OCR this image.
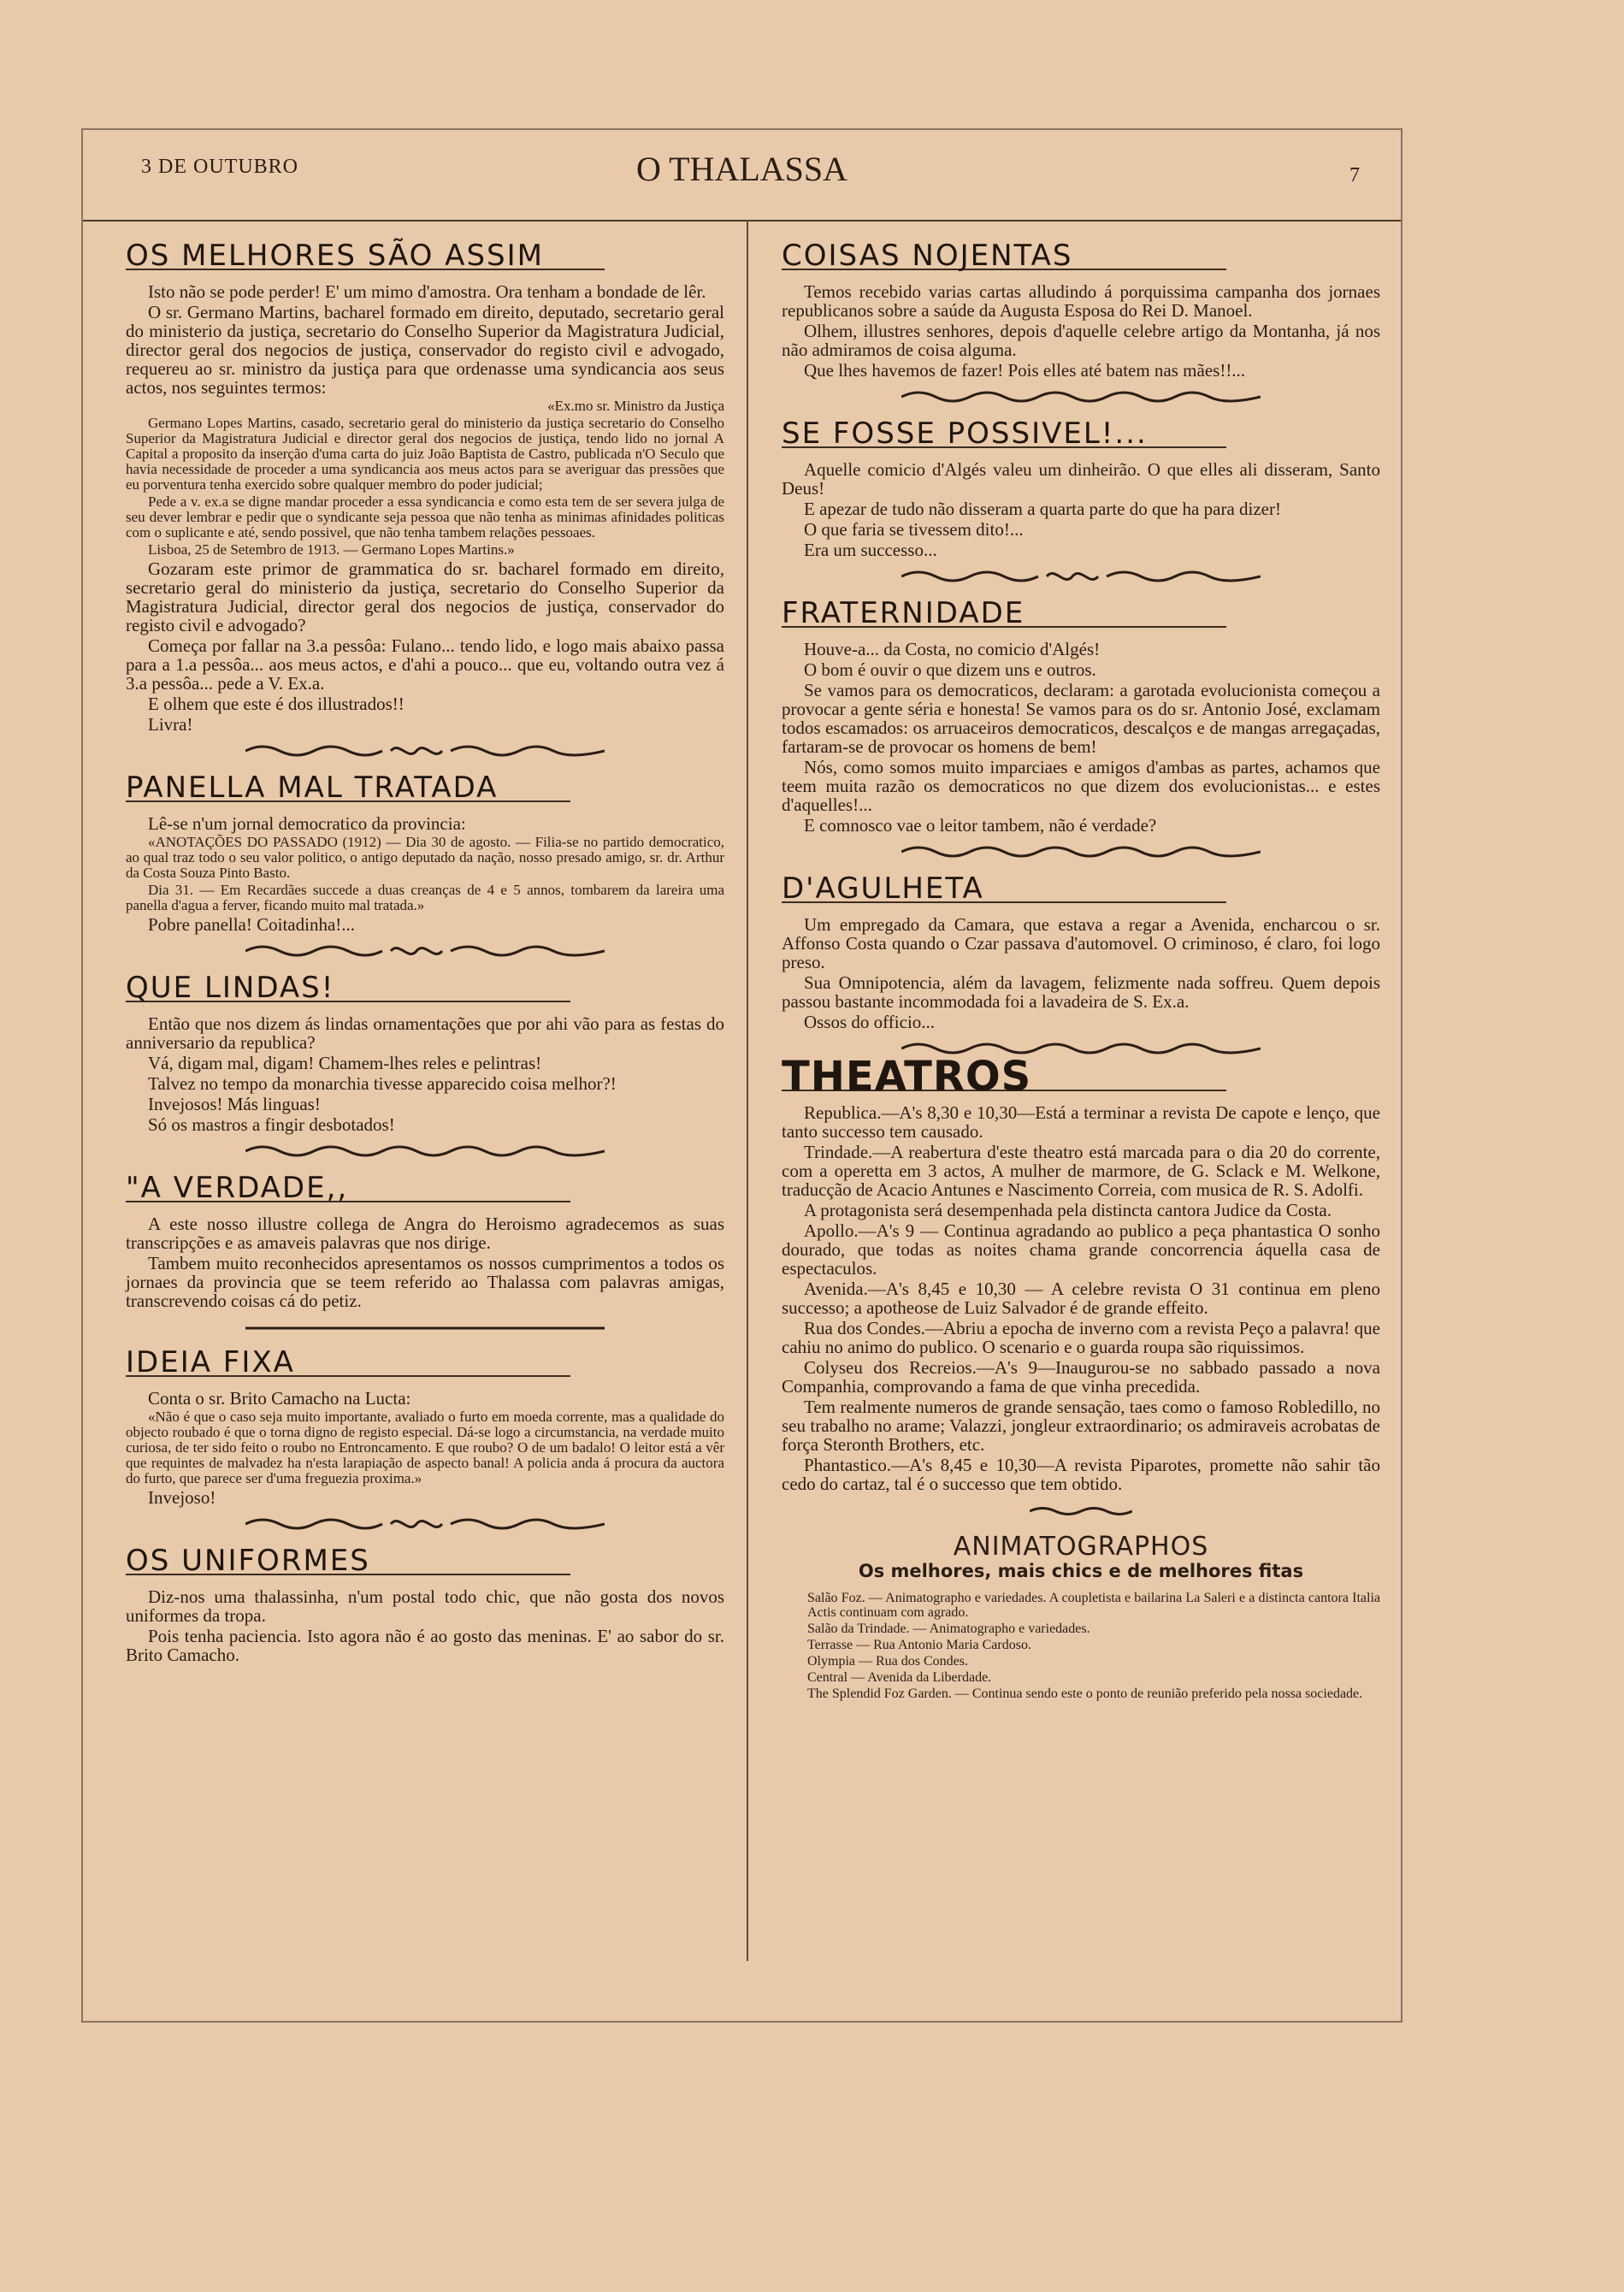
3 DE OUTUBRO	O THALASSA	7
OS MELHORES SÃO ASSIM

Isto não se pode perder! E' um mimo d'amostra. Ora tenham a bondade de lêr.

O sr. Germano Martins, bacharel formado em direito, deputado, secretario geral do ministerio da justiça, secretario do Conselho Superior da Magistratura Judicial, director geral dos negocios de justiça, conservador do registo civil e advogado, requereu ao sr. ministro da justiça para que ordenasse uma syndicancia aos seus actos, nos seguintes termos:

«Ex.mo sr. Ministro da Justiça

Germano Lopes Martins, casado, secretario geral do ministerio da justiça secretario do Conselho Superior da Magistratura Judicial e director geral dos negocios de justiça, tendo lido no jornal A Capital a proposito da inserção d'uma carta do juiz João Baptista de Castro, publicada n'O Seculo que havia necessidade de proceder a uma syndicancia aos meus actos para se averiguar das pressões que eu porventura tenha exercido sobre qualquer membro do poder judicial;

Pede a v. ex.a se digne mandar proceder a essa syndicancia e como esta tem de ser severa julga de seu dever lembrar e pedir que o syndicante seja pessoa que não tenha as minimas afinidades politicas com o suplicante e até, sendo possivel, que não tenha tambem relações pessoaes.

Lisboa, 25 de Setembro de 1913. — Germano Lopes Martins.»

Gozaram este primor de grammatica do sr. bacharel formado em direito, secretario geral do ministerio da justiça, secretario do Conselho Superior da Magistratura Judicial, director geral dos negocios de justiça, conservador do registo civil e advogado?

Começa por fallar na 3.a pessôa: Fulano... tendo lido, e logo mais abaixo passa para a 1.a pessôa... aos meus actos, e d'ahi a pouco... que eu, voltando outra vez á 3.a pessôa... pede a V. Ex.a.

E olhem que este é dos illustrados!!

Livra!

PANELLA MAL TRATADA

Lê-se n'um jornal democratico da provincia:

«ANOTAÇÕES DO PASSADO (1912) — Dia 30 de agosto. — Filia-se no partido democratico, ao qual traz todo o seu valor politico, o antigo deputado da nação, nosso presado amigo, sr. dr. Arthur da Costa Souza Pinto Basto.

Dia 31. — Em Recardães succede a duas creanças de 4 e 5 annos, tombarem da lareira uma panella d'agua a ferver, ficando muito mal tratada.»

Pobre panella! Coitadinha!...

QUE LINDAS!

Então que nos dizem ás lindas ornamentações que por ahi vão para as festas do anniversario da republica?

Vá, digam mal, digam! Chamem-lhes reles e pelintras!

Talvez no tempo da monarchia tivesse apparecido coisa melhor?!

Invejosos! Más linguas!

Só os mastros a fingir desbotados!

"A VERDADE,,

A este nosso illustre collega de Angra do Heroismo agradecemos as suas transcripções e as amaveis palavras que nos dirige.

Tambem muito reconhecidos apresentamos os nossos cumprimentos a todos os jornaes da provincia que se teem referido ao Thalassa com palavras amigas, transcrevendo coisas cá do petiz.

IDEIA FIXA

Conta o sr. Brito Camacho na Lucta:

«Não é que o caso seja muito importante, avaliado o furto em moeda corrente, mas a qualidade do objecto roubado é que o torna digno de registo especial. Dá-se logo a circumstancia, na verdade muito curiosa, de ter sido feito o roubo no Entroncamento. E que roubo? O de um badalo! O leitor está a vêr que requintes de malvadez ha n'esta larapiação de aspecto banal! A policia anda á procura da auctora do furto, que parece ser d'uma freguezia proxima.»

Invejoso!

OS UNIFORMES

Diz-nos uma thalassinha, n'um postal todo chic, que não gosta dos novos uniformes da tropa.

Pois tenha paciencia. Isto agora não é ao gosto das meninas. E' ao sabor do sr. Brito Camacho.

COISAS NOJENTAS

Temos recebido varias cartas alludindo á porquissima campanha dos jornaes republicanos sobre a saúde da Augusta Esposa do Rei D. Manoel.

Olhem, illustres senhores, depois d'aquelle celebre artigo da Montanha, já nos não admiramos de coisa alguma.

Que lhes havemos de fazer! Pois elles até batem nas mães!!...

SE FOSSE POSSIVEL!...

Aquelle comicio d'Algés valeu um dinheirão. O que elles ali disseram, Santo Deus!

E apezar de tudo não disseram a quarta parte do que ha para dizer!

O que faria se tivessem dito!...

Era um successo...

FRATERNIDADE

Houve-a... da Costa, no comicio d'Algés!

O bom é ouvir o que dizem uns e outros.

Se vamos para os democraticos, declaram: a garotada evolucionista começou a provocar a gente séria e honesta! Se vamos para os do sr. Antonio José, exclamam todos escamados: os arruaceiros democraticos, descalços e de mangas arregaçadas, fartaram-se de provocar os homens de bem!

Nós, como somos muito imparciaes e amigos d'ambas as partes, achamos que teem muita razão os democraticos no que dizem dos evolucionistas... e estes d'aquelles!...

E comnosco vae o leitor tambem, não é verdade?

D'AGULHETA

Um empregado da Camara, que estava a regar a Avenida, encharcou o sr. Affonso Costa quando o Czar passava d'automovel. O criminoso, é claro, foi logo preso.

Sua Omnipotencia, além da lavagem, felizmente nada soffreu. Quem depois passou bastante incommodada foi a lavadeira de S. Ex.a.

Ossos do officio...

THEATROS

Republica.—A's 8,30 e 10,30—Está a terminar a revista De capote e lenço, que tanto successo tem causado.

Trindade.—A reabertura d'este theatro está marcada para o dia 20 do corrente, com a operetta em 3 actos, A mulher de marmore, de G. Sclack e M. Welkone, traducção de Acacio Antunes e Nascimento Correia, com musica de R. S. Adolfi.

A protagonista será desempenhada pela distincta cantora Judice da Costa.

Apollo.—A's 9 — Continua agradando ao publico a peça phantastica O sonho dourado, que todas as noites chama grande concorrencia áquella casa de espectaculos.

Avenida.—A's 8,45 e 10,30 — A celebre revista O 31 continua em pleno successo; a apotheose de Luiz Salvador é de grande effeito.

Rua dos Condes.—Abriu a epocha de inverno com a revista Peço a palavra! que cahiu no animo do publico. O scenario e o guarda roupa são riquissimos.

Colyseu dos Recreios.—A's 9—Inaugurou-se no sabbado passado a nova Companhia, comprovando a fama de que vinha precedida.

Tem realmente numeros de grande sensação, taes como o famoso Robledillo, no seu trabalho no arame; Valazzi, jongleur extraordinario; os admiraveis acrobatas de força Steronth Brothers, etc.

Phantastico.—A's 8,45 e 10,30—A revista Piparotes, promette não sahir tão cedo do cartaz, tal é o successo que tem obtido.

ANIMATOGRAPHOS
Os melhores, mais chics e de melhores fitas

Salão Foz. — Animatographo e variedades. A coupletista e bailarina La Saleri e a distincta cantora Italia Actis continuam com agrado.

Salão da Trindade. — Animatographo e variedades.

Terrasse — Rua Antonio Maria Cardoso.

Olympia — Rua dos Condes.

Central — Avenida da Liberdade.

The Splendid Foz Garden. — Continua sendo este o ponto de reunião preferido pela nossa sociedade.
